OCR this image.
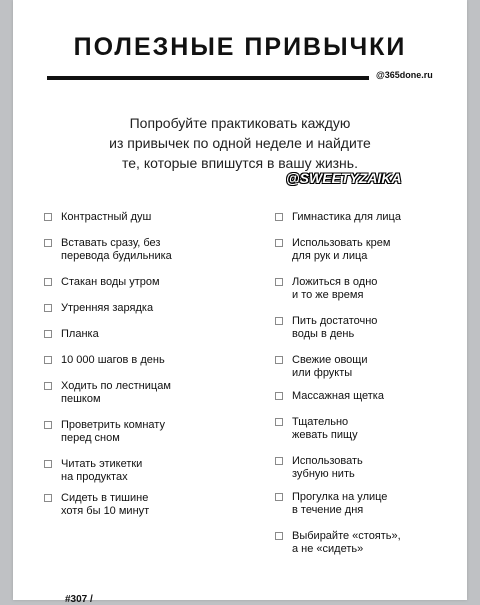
ПОЛЕЗНЫЕ ПРИВЫЧКИ
@365done.ru
Попробуйте практиковать каждую
из привычек по одной неделе и найдите
те, которые впишутся в вашу жизнь.
@SWEETYZAIKA
Контрастный душ
Вставать сразу, без
перевода будильника
Стакан воды утром
Утренняя зарядка
Планка
10 000 шагов в день
Ходить по лестницам
пешком
Проветрить комнату
перед сном
Читать этикетки
на продуктах
Сидеть в тишине
хотя бы 10 минут
Гимнастика для лица
Использовать крем
для рук и лица
Ложиться в одно
и то же время
Пить достаточно
воды в день
Свежие овощи
или фрукты
Массажная щетка
Тщательно
жевать пищу
Использовать
зубную нить
Прогулка на улице
в течение дня
Выбирайте «стоять»,
а не «сидеть»
#307 /
